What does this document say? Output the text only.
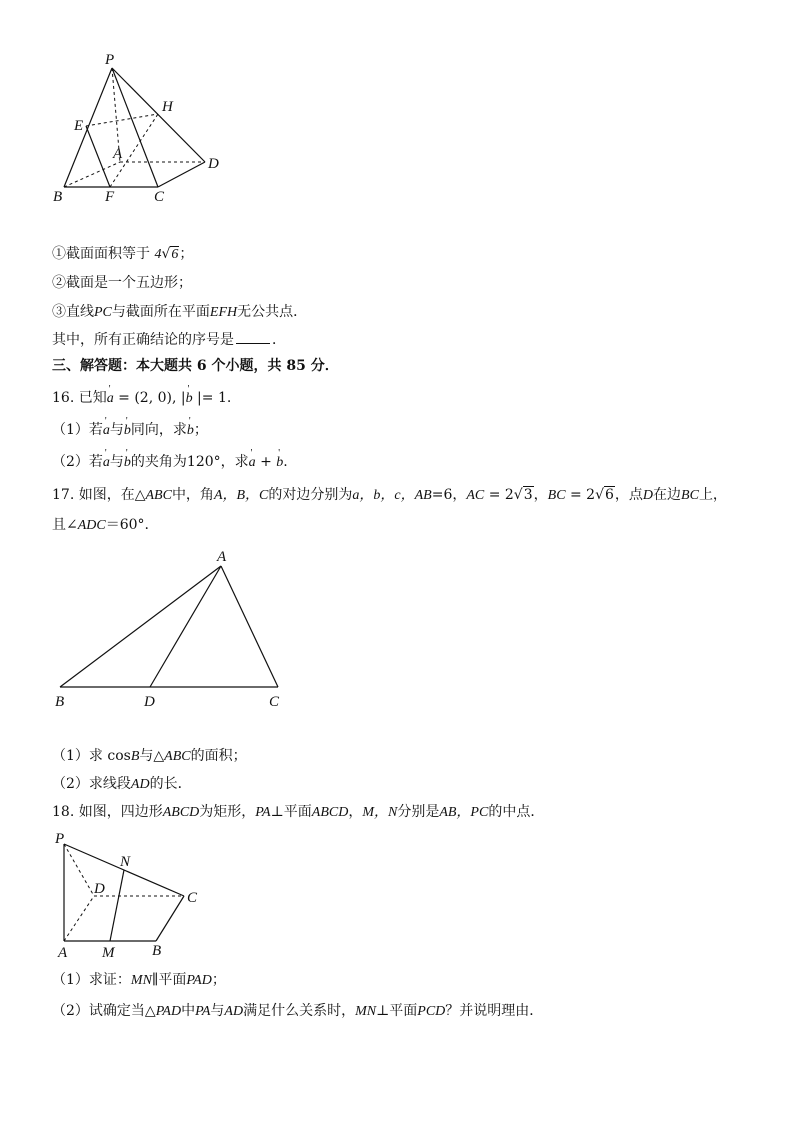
P
H
E
A
D
B	F	C
①截面面积等于 4√6；
②截面是一个五边形；
③直线PC与截面所在平面EFH无公共点．
其中，所有正确结论的序号是	．
三、解答题：本大题共 6 个小题，共 85 分．
16. 已知' a = (2, 0), |' b |= 1.
（1）若' a与' b同向，求' b；
（2）若' a与' b的夹角为120°，求' a + ' b.
17. 如图，在△ABC中，角A，B，C的对边分别为a，b，c，AB=6，AC = 2√3，BC = 2√6，点D在边BC上，
且∠ADC＝60°.
A
B	D	C
（1）求 cosB与△ABC的面积；
（2）求线段AD的长．
18. 如图，四边形ABCD为矩形，PA⊥平面ABCD，M，N分别是AB，PC的中点．
P
N
D
C
A M	B
（1）求证：MN∥平面PAD；
（2）试确定当△PAD中PA与AD满足什么关系时，MN⊥平面PCD？并说明理由．
